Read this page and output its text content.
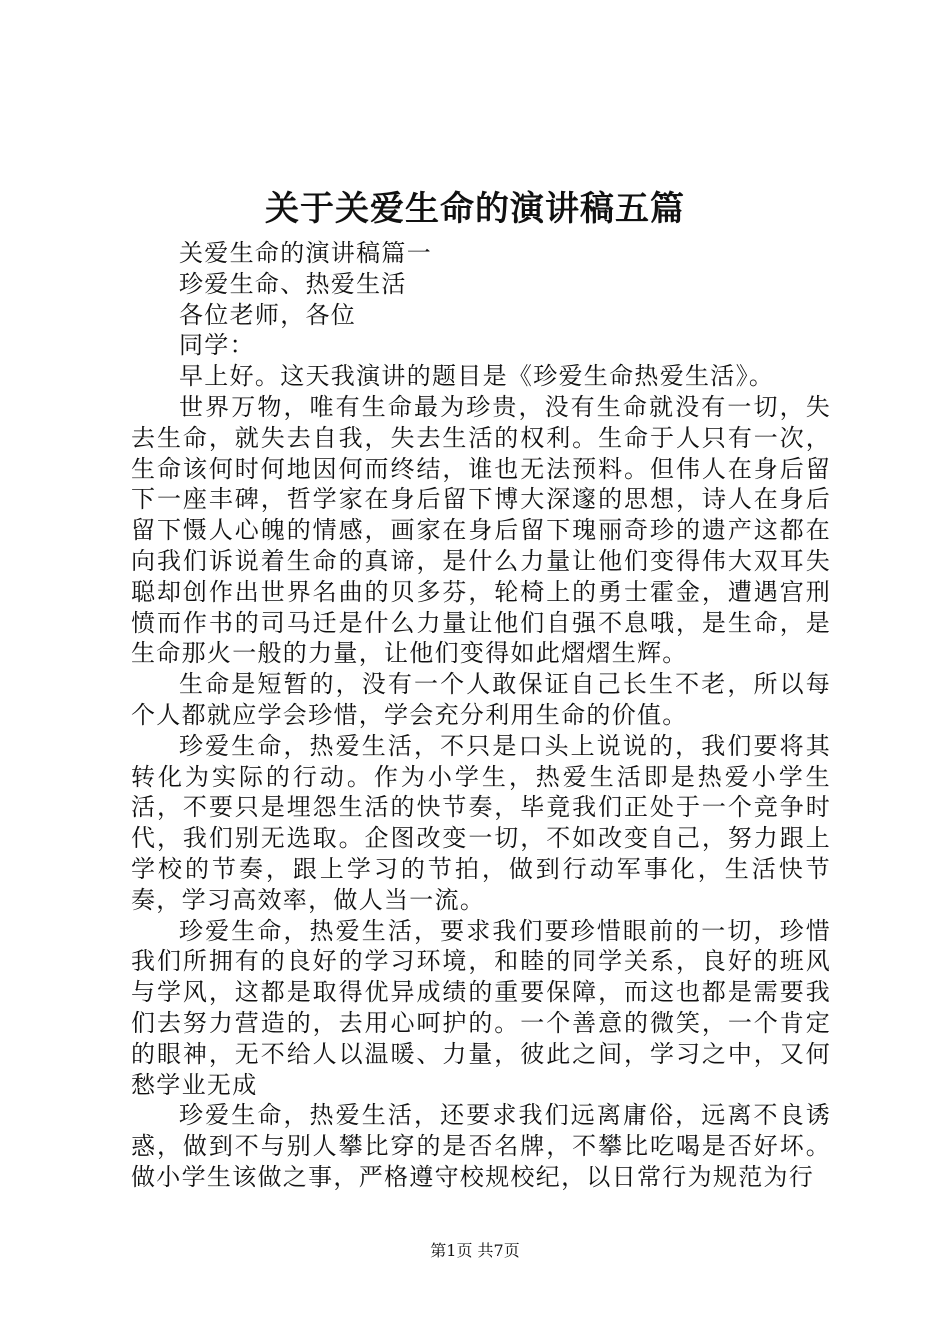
关于关爱生命的演讲稿五篇

关爱生命的演讲稿篇一

珍爱生命、热爱生活

各位老师，各位

同学：

早上好。这天我演讲的题目是《珍爱生命热爱生活》。

世界万物，唯有生命最为珍贵，没有生命就没有一切，失去生命，就失去自我，失去生活的权利。生命于人只有一次，生命该何时何地因何而终结，谁也无法预料。但伟人在身后留下一座丰碑，哲学家在身后留下博大深邃的思想，诗人在身后留下慑人心魄的情感，画家在身后留下瑰丽奇珍的遗产这都在向我们诉说着生命的真谛，是什么力量让他们变得伟大双耳失聪却创作出世界名曲的贝多芬，轮椅上的勇士霍金，遭遇宫刑愤而作书的司马迁是什么力量让他们自强不息哦，是生命，是生命那火一般的力量，让他们变得如此熠熠生辉。

生命是短暂的，没有一个人敢保证自己长生不老，所以每个人都就应学会珍惜，学会充分利用生命的价值。

珍爱生命，热爱生活，不只是口头上说说的，我们要将其转化为实际的行动。作为小学生，热爱生活即是热爱小学生活，不要只是埋怨生活的快节奏，毕竟我们正处于一个竞争时代，我们别无选取。企图改变一切，不如改变自己，努力跟上学校的节奏，跟上学习的节拍，做到行动军事化，生活快节奏，学习高效率，做人当一流。

珍爱生命，热爱生活，要求我们要珍惜眼前的一切，珍惜我们所拥有的良好的学习环境，和睦的同学关系，良好的班风与学风，这都是取得优异成绩的重要保障，而这也都是需要我们去努力营造的，去用心呵护的。一个善意的微笑，一个肯定的眼神，无不给人以温暖、力量，彼此之间，学习之中，又何愁学业无成

珍爱生命，热爱生活，还要求我们远离庸俗，远离不良诱惑，做到不与别人攀比穿的是否名牌，不攀比吃喝是否好坏。做小学生该做之事，严格遵守校规校纪，以日常行为规范为行

第1页 共7页
